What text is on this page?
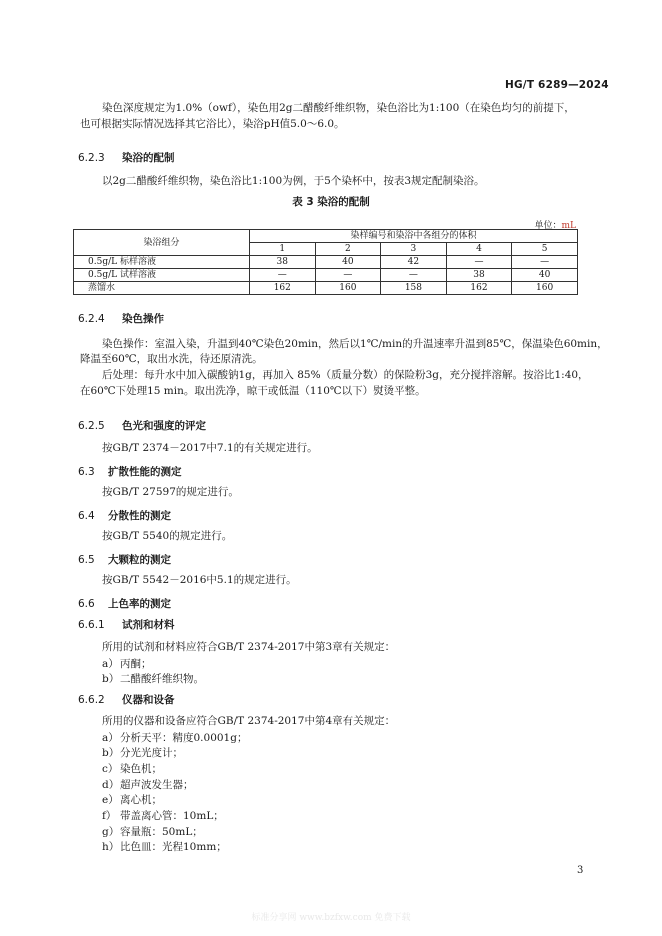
HG/T 6289—2024
染色深度规定为1.0%（owf），染色用2g二醋酸纤维织物，染色浴比为1:100（在染色均匀的前提下，
也可根据实际情况选择其它浴比），染浴pH值5.0～6.0。
6.2.3 染浴的配制
以2g二醋酸纤维织物，染色浴比1:100为例，于5个染杯中，按表3规定配制染浴。
表 3 染浴的配制
单位：mL
染浴组分	染样编号和染浴中各组分的体积				
	1	2	3	4	5
0.5g/L 标样溶液	38	40	42	—	—
0.5g/L 试样溶液	—	—	—	38	40
蒸馏水	162	160	158	162	160
6.2.4 染色操作
染色操作：室温入染，升温到40℃染色20min，然后以1℃/min的升温速率升温到85℃，保温染色60min，
降温至60℃，取出水洗，待还原清洗。
后处理：每升水中加入碳酸钠1g，再加入 85%（质量分数）的保险粉3g，充分搅拌溶解。按浴比1:40，
在60℃下处理15 min。取出洗净，晾干或低温（110℃以下）熨烫平整。
6.2.5 色光和强度的评定
按GB/T 2374－2017中7.1的有关规定进行。
6.3 扩散性能的测定
按GB/T 27597的规定进行。
6.4 分散性的测定
按GB/T 5540的规定进行。
6.5 大颗粒的测定
按GB/T 5542－2016中5.1的规定进行。
6.6 上色率的测定
6.6.1 试剂和材料
所用的试剂和材料应符合GB/T 2374-2017中第3章有关规定：
a）丙酮；
b）二醋酸纤维织物。
6.6.2 仪器和设备
所用的仪器和设备应符合GB/T 2374-2017中第4章有关规定：
a）分析天平：精度0.0001g；
b）分光光度计；
c） 染色机；
d）超声波发生器；
e）离心机；
f） 带盖离心管：10mL；
g）容量瓶：50mL；
h）比色皿：光程10mm；
3
标准分享网 www.bzfxw.com 免费下载
